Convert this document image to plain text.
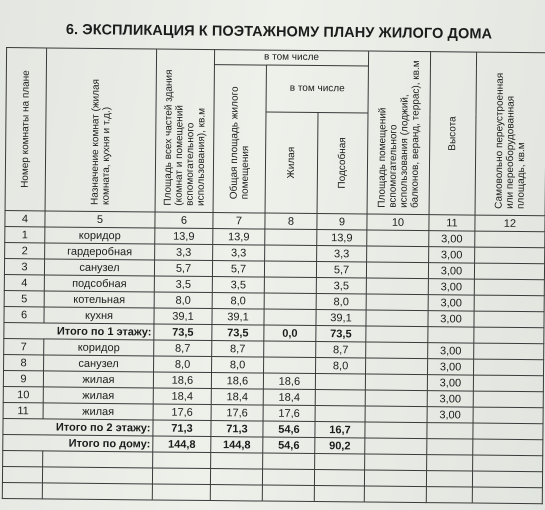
6. ЭКСПЛИКАЦИЯ К ПОЭТАЖНОМУ ПЛАНУ ЖИЛОГО ДОМА
Номер комнаты на плане	Назначение комнат (жилая комната, кухня и т.д.)	Площадь всех частей здания (комнат и помещений вспомогательного использования), кв.м	в том числе			Площадь помещений вспомогательного использования (лоджий, балконов, веранд, террас), кв.м	Высота	Самовольно переустроенная или переоборудованная площадь, кв.м

			Общая площадь жилого помещения	в том числе				

				Жилая	Подсобная			

4	5	6	7	8	9	10	11	12
1	коридор	13,9	13,9		13,9		3,00	
2	гардеробная	3,3	3,3		3,3		3,00	
3	санузел	5,7	5,7		5,7		3,00	
4	подсобная	3,5	3,5		3,5		3,00	
5	котельная	8,0	8,0		8,0		3,00	
6	кухня	39,1	39,1		39,1		3,00	
Итого по 1 этажу:		73,5	73,5	0,0	73,5			
7	коридор	8,7	8,7		8,7		3,00	
8	санузел	8,0	8,0		8,0		3,00	
9	жилая	18,6	18,6	18,6			3,00	
10	жилая	18,4	18,4	18,4			3,00	
11	жилая	17,6	17,6	17,6			3,00	
Итого по 2 этажу:		71,3	71,3	54,6	16,7			
Итого по дому:		144,8	144,8	54,6	90,2			
